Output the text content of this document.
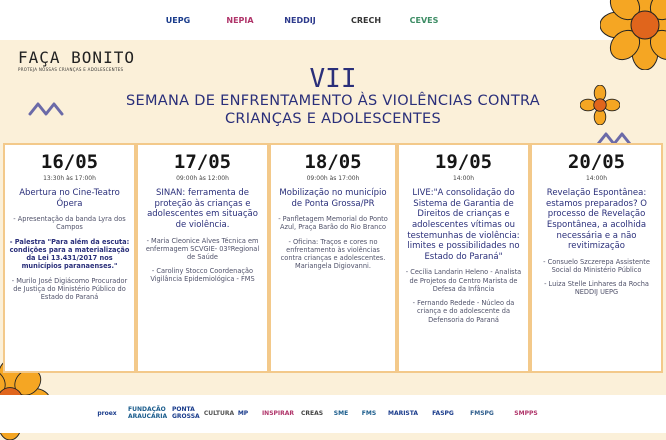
UEPG	NEPIA	NEDDIJ	CRECH	CEVES
FAÇA BONITO
PROTEJA NOSSAS CRIANÇAS E ADOLESCENTES	VII
SEMANA DE ENFRENTAMENTO ÀS VIOLÊNCIAS CONTRA
CRIANÇAS E ADOLESCENTES
16/05
13:30h às 17:00h
Abertura no Cine-Teatro Ópera
- Apresentação da banda Lyra dos Campos
- Palestra "Para além da escuta: condições para a materialização da Lei 13.431/2017 nos municípios paranaenses."
- Murilo José Digiácomo Procurador de Justiça do Ministério Público do Estado do Paraná
17/05
09:00h às 12:00h
SINAN: ferramenta de proteção às crianças e adolescentes em situação de violência.
- Maria Cleonice Alves Técnica em enfermagem SCVGIE- 03ºRegional de Saúde
- Caroliny Stocco Coordenação Vigilância Epidemiológica - FMS
18/05
09:00h às 17:00h
Mobilização no município de Ponta Grossa/PR
- Panfletagem Memorial do Ponto Azul, Praça Barão do Rio Branco
- Oficina: Traços e cores no enfrentamento às violências contra crianças e adolescentes. Mariangela Digiovanni.
19/05
14:00h
LIVE:"A consolidação do Sistema de Garantia de Direitos de crianças e adolescentes vítimas ou testemunhas de violência: limites e possibilidades no Estado do Paraná"
- Cecília Landarin Heleno - Analista de Projetos do Centro Marista de Defesa da Infância
- Fernando Redede - Núcleo da criança e do adolescente da Defensoria do Paraná
20/05
14:00h
Revelação Espontânea: estamos preparados? O processo de Revelação Espontânea, a acolhida necessária e a não revitimização
- Consuelo Szczerepa Assistente Social do Ministério Público
- Luiza Stelle Linhares da Rocha NEDDIJ UEPG
proex FUNDAÇÃO ARAUCÁRIA
PONTA GROSSA CULTURA MP INSPIRAR CREAS SME FMS MARISTA FASPG	FMSPG	SMPPS
